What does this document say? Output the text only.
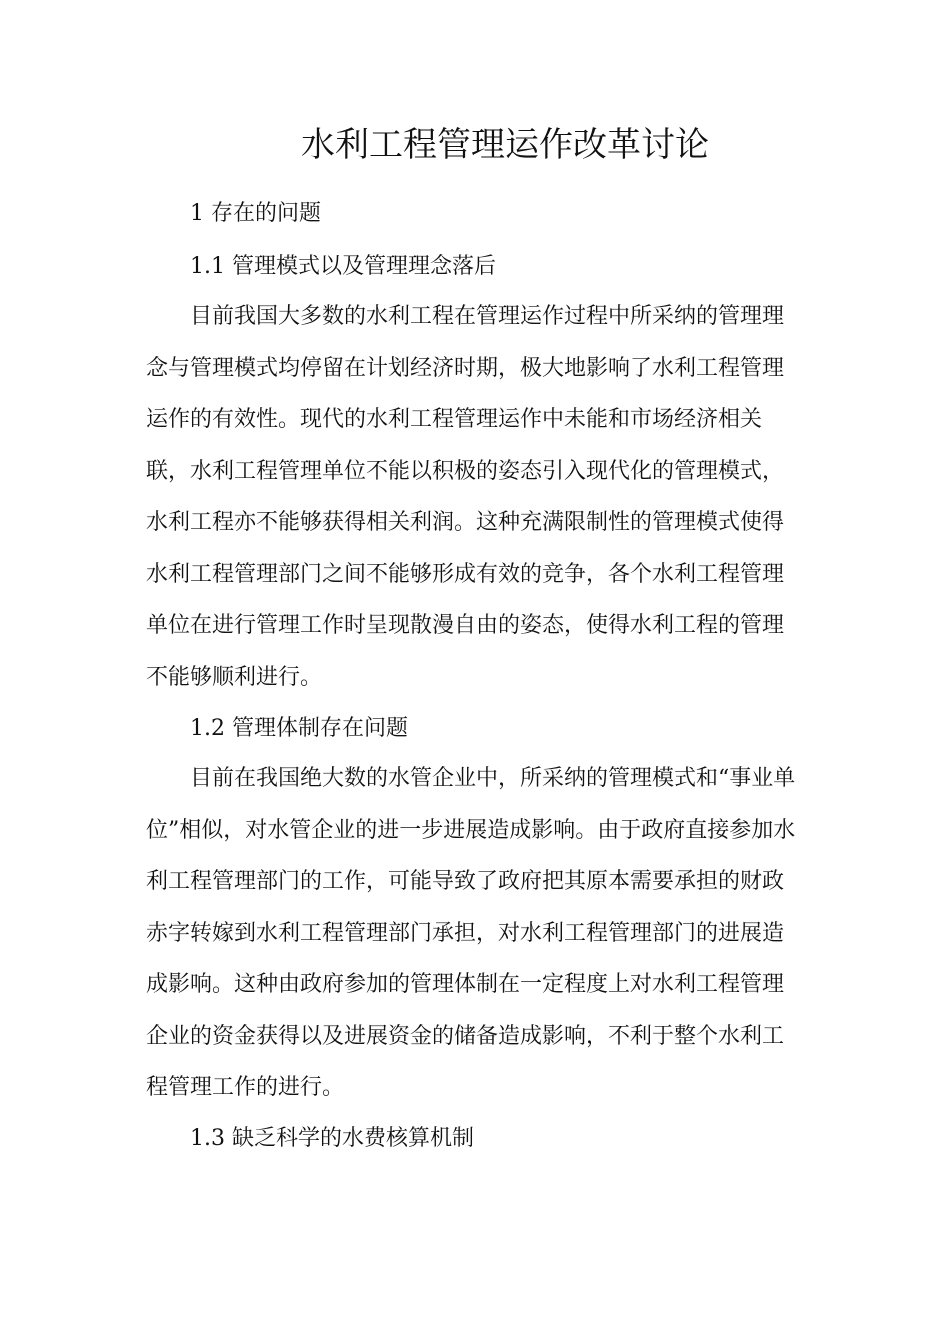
水利工程管理运作改革讨论

1 存在的问题

1.1 管理模式以及管理理念落后

目前我国大多数的水利工程在管理运作过程中所采纳的管理理
念与管理模式均停留在计划经济时期，极大地影响了水利工程管理
运作的有效性。现代的水利工程管理运作中未能和市场经济相关
联，水利工程管理单位不能以积极的姿态引入现代化的管理模式，
水利工程亦不能够获得相关利润。这种充满限制性的管理模式使得
水利工程管理部门之间不能够形成有效的竞争，各个水利工程管理
单位在进行管理工作时呈现散漫自由的姿态，使得水利工程的管理
不能够顺利进行。

1.2 管理体制存在问题

目前在我国绝大数的水管企业中，所采纳的管理模式和“事业单
位”相似，对水管企业的进一步进展造成影响。由于政府直接参加水
利工程管理部门的工作，可能导致了政府把其原本需要承担的财政
赤字转嫁到水利工程管理部门承担，对水利工程管理部门的进展造
成影响。这种由政府参加的管理体制在一定程度上对水利工程管理
企业的资金获得以及进展资金的储备造成影响，不利于整个水利工
程管理工作的进行。

1.3 缺乏科学的水费核算机制
